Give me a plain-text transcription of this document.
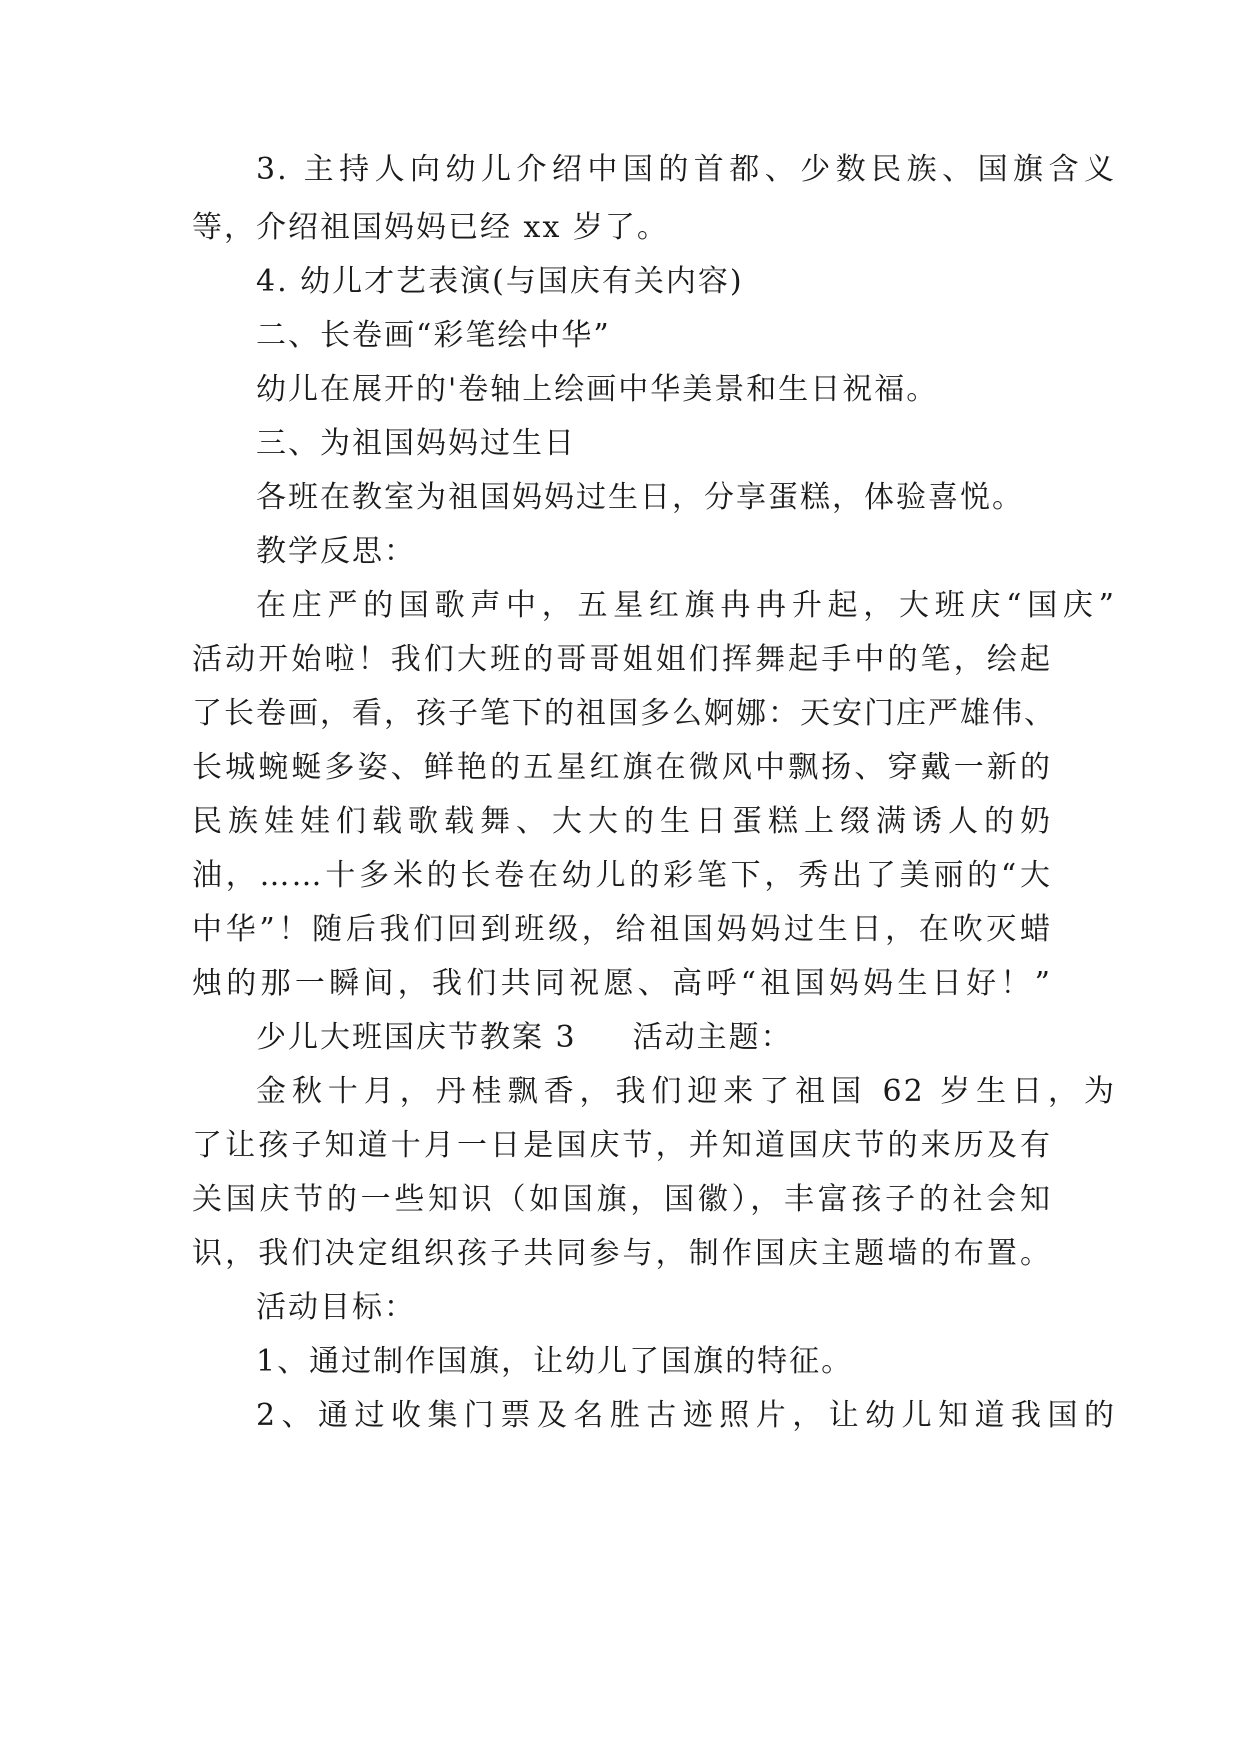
3. 主持人向幼儿介绍中国的首都、少数民族、国旗含义
等，介绍祖国妈妈已经 xx 岁了。
4. 幼儿才艺表演(与国庆有关内容)
二、长卷画“彩笔绘中华”
幼儿在展开的'卷轴上绘画中华美景和生日祝福。
三、为祖国妈妈过生日
各班在教室为祖国妈妈过生日，分享蛋糕，体验喜悦。
教学反思：
在庄严的国歌声中，五星红旗冉冉升起，大班庆“国庆”
活动开始啦！我们大班的哥哥姐姐们挥舞起手中的笔，绘起
了长卷画，看，孩子笔下的祖国多么婀娜：天安门庄严雄伟、
长城蜿蜒多姿、鲜艳的五星红旗在微风中飘扬、穿戴一新的
民族娃娃们载歌载舞、大大的生日蛋糕上缀满诱人的奶
油，……十多米的长卷在幼儿的彩笔下，秀出了美丽的“大
中华”！随后我们回到班级，给祖国妈妈过生日，在吹灭蜡
烛的那一瞬间，我们共同祝愿、高呼“祖国妈妈生日好！”
少儿大班国庆节教案 3 活动主题：
金秋十月，丹桂飘香，我们迎来了祖国 62 岁生日，为
了让孩子知道十月一日是国庆节，并知道国庆节的来历及有
关国庆节的一些知识（如国旗，国徽），丰富孩子的社会知
识，我们决定组织孩子共同参与，制作国庆主题墙的布置。
活动目标：
1、通过制作国旗，让幼儿了国旗的特征。
2、通过收集门票及名胜古迹照片，让幼儿知道我国的
